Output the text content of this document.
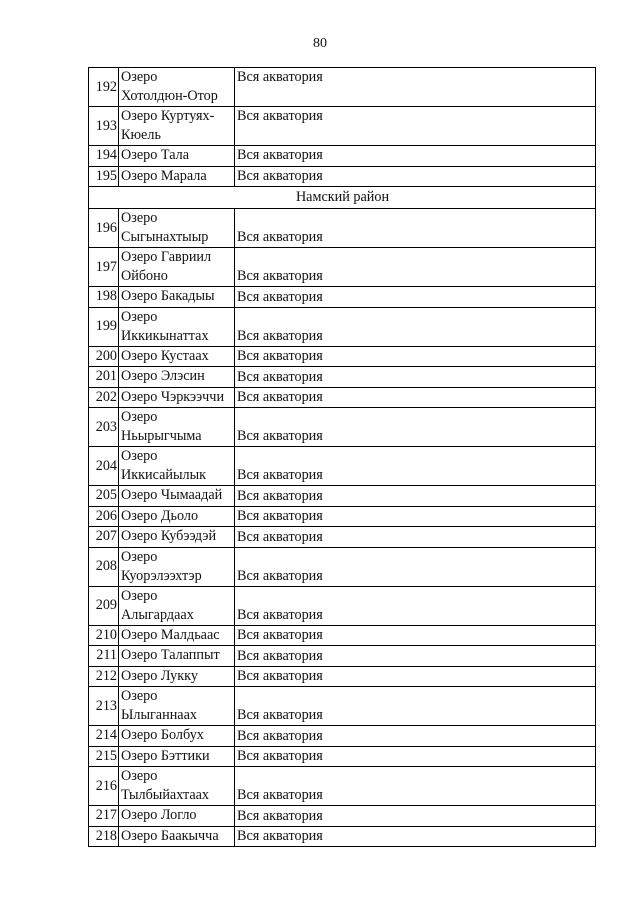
80
192	Озеро
Хотолдюн-Отор	Вся акватория
193	Озеро Куртуях-
Кюель	Вся акватория
194	Озеро Тала	Вся акватория
195	Озеро Марала	Вся акватория
Намский район		
196	Озеро
Сыгынахтыыр	Вся акватория
197	Озеро Гавриил
Ойбоно	Вся акватория
198	Озеро Бакадыы	Вся акватория
199	Озеро
Иккикынаттах	Вся акватория
200	Озеро Кустаах	Вся акватория
201	Озеро Элэсин	Вся акватория
202	Озеро Чэркээччи	Вся акватория
203	Озеро
Ньырыгчыма	Вся акватория
204	Озеро
Иккисайылык	Вся акватория
205	Озеро Чымаадай	Вся акватория
206	Озеро Дьоло	Вся акватория
207	Озеро Кубээдэй	Вся акватория
208	Озеро
Куорэлээхтэр	Вся акватория
209	Озеро
Алыгардаах	Вся акватория
210	Озеро Малдьаас	Вся акватория
211	Озеро Талаппыт	Вся акватория
212	Озеро Лукку	Вся акватория
213	Озеро
Ылыганнаах	Вся акватория
214	Озеро Болбух	Вся акватория
215	Озеро Бэттики	Вся акватория
216	Озеро
Тылбыйахтаах	Вся акватория
217	Озеро Логло	Вся акватория
218	Озеро Баакычча	Вся акватория
